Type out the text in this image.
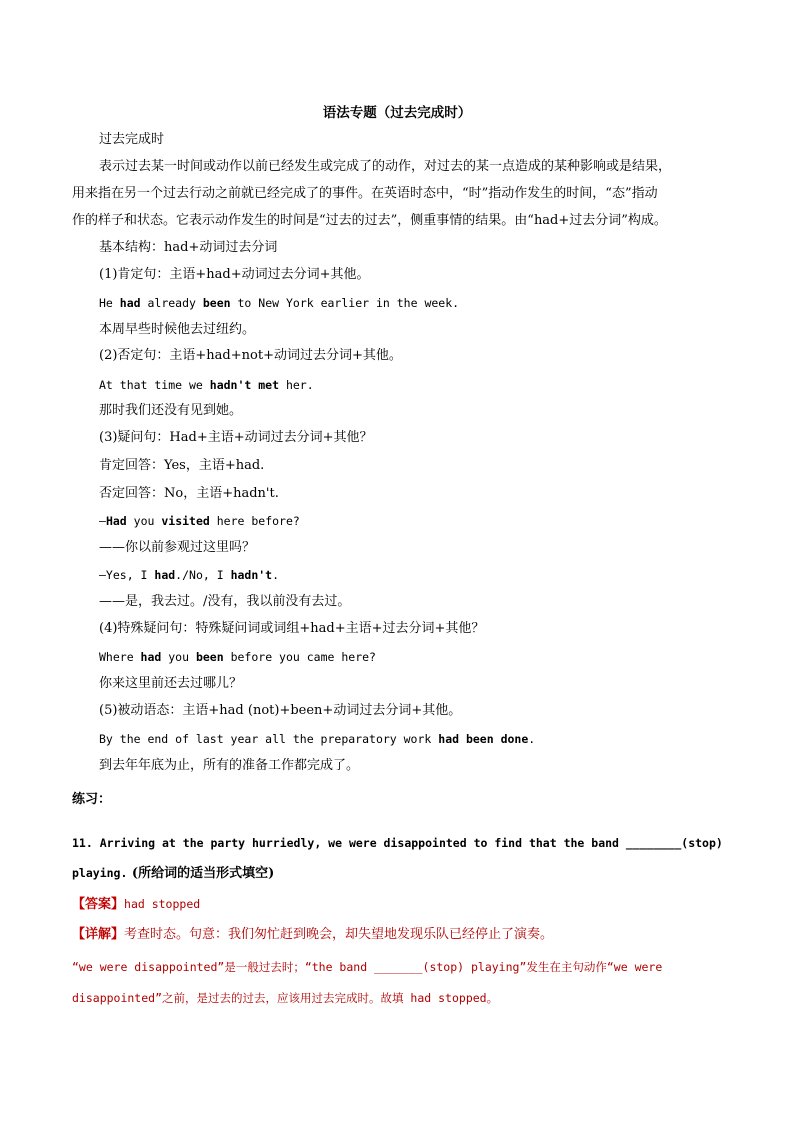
语法专题（过去完成时）
过去完成时
表示过去某一时间或动作以前已经发生或完成了的动作，对过去的某一点造成的某种影响或是结果，
用来指在另一个过去行动之前就已经完成了的事件。在英语时态中，“时”指动作发生的时间，“态”指动
作的样子和状态。它表示动作发生的时间是“过去的过去”，侧重事情的结果。由“had+过去分词”构成。
基本结构：had+动词过去分词
(1)肯定句：主语+had+动词过去分词+其他。
He had already been to New York earlier in the week.
本周早些时候他去过纽约。
(2)否定句：主语+had+not+动词过去分词+其他。
At that time we hadn't met her.
那时我们还没有见到她。
(3)疑问句：Had+主语+动词过去分词+其他？
肯定回答：Yes，主语+had.
否定回答：No，主语+hadn't.
—Had you visited here before?
——你以前参观过这里吗？
—Yes, I had./No, I hadn't.
——是，我去过。/没有，我以前没有去过。
(4)特殊疑问句：特殊疑问词或词组+had+主语+过去分词+其他？
Where had you been before you came here?
你来这里前还去过哪儿？
(5)被动语态：主语+had (not)+been+动词过去分词+其他。
By the end of last year all the preparatory work had been done.
到去年年底为止，所有的准备工作都完成了。
练习：
11. Arriving at the party hurriedly, we were disappointed to find that the band ________(stop)
playing. (所给词的适当形式填空)
【答案】had stopped
【详解】考查时态。句意：我们匆忙赶到晚会，却失望地发现乐队已经停止了演奏。
“we were disappointed”是一般过去时；“the band _______(stop) playing”发生在主句动作“we were
disappointed”之前，是过去的过去，应该用过去完成时。故填 had stopped。
